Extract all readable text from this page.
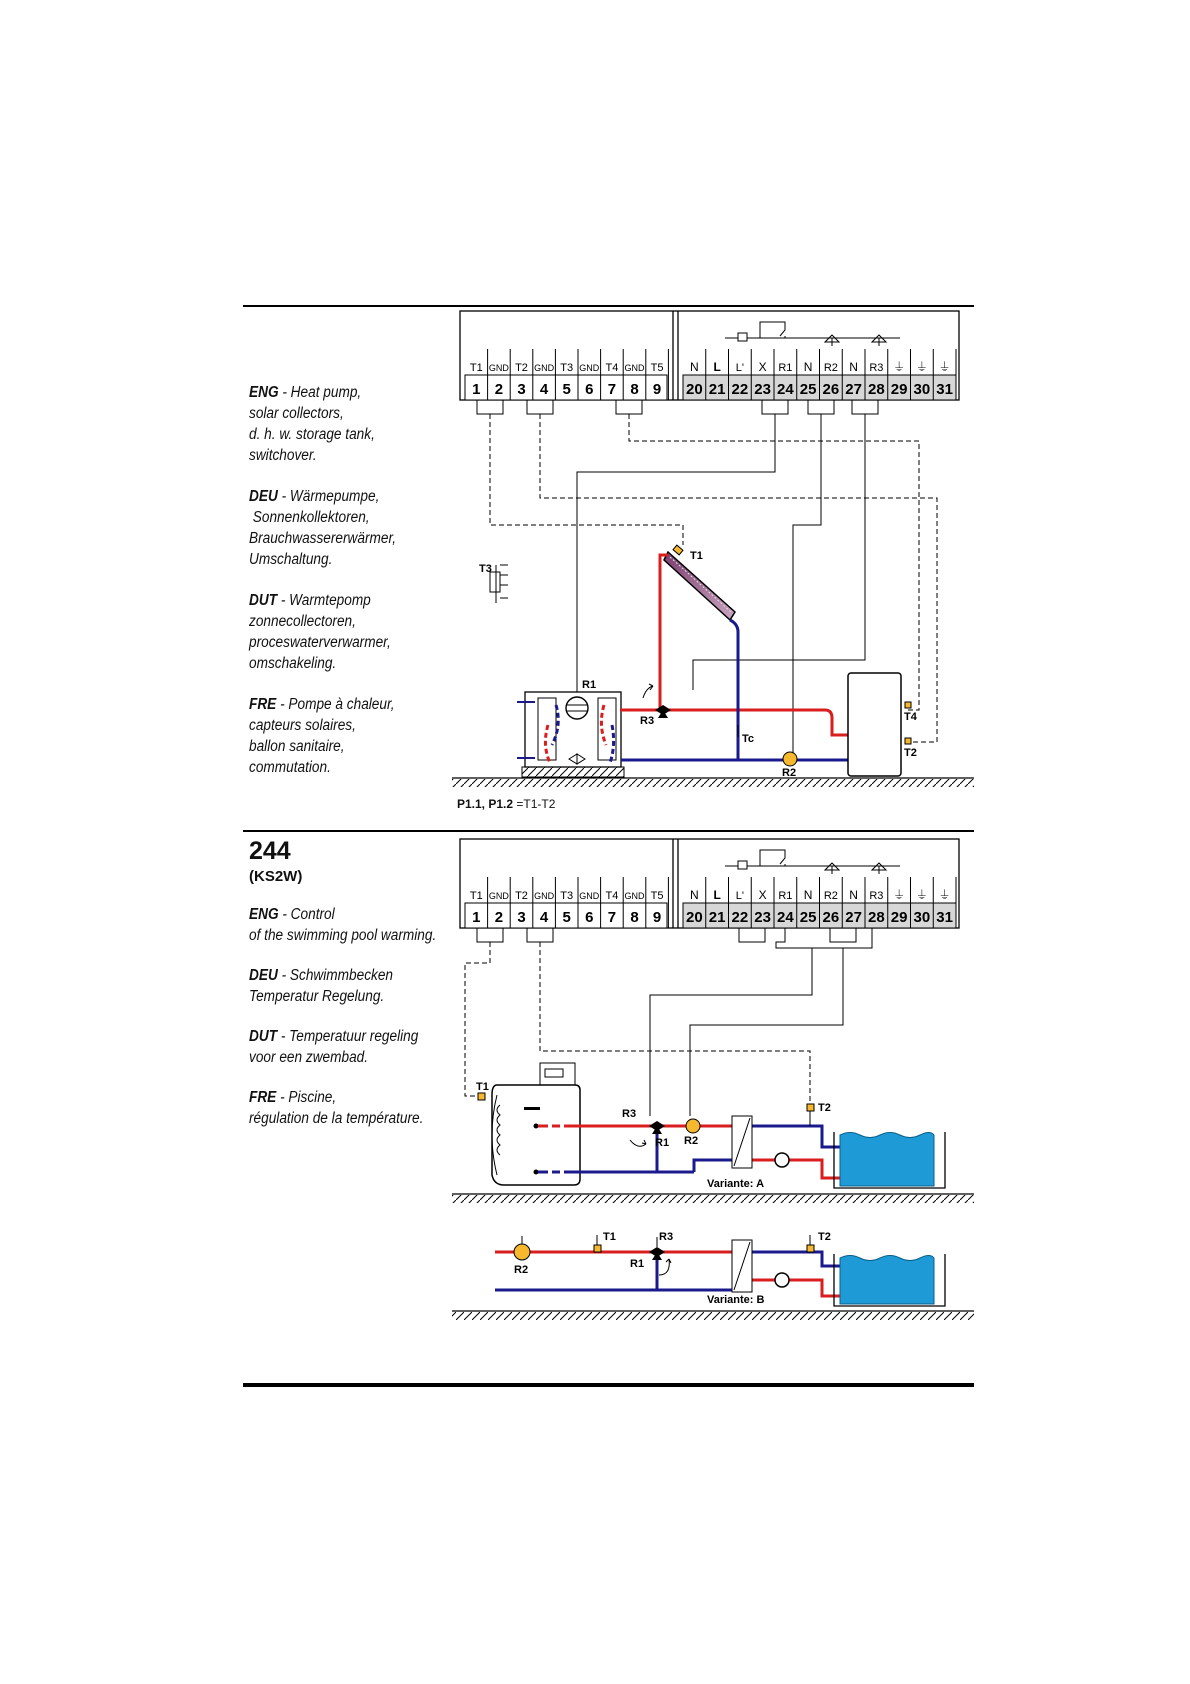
ENG - Heat pump,
solar collectors,
d. h. w. storage tank,
switchover.
DEU - Wärmepumpe,
Sonnenkollektoren,
Brauchwassererwärmer,
Umschaltung.
DUT - Warmtepomp
zonnecollectoren,
proceswaterverwarmer,
omschakeling.
FRE - Pompe à chaleur,
capteurs solaires,
ballon sanitaire,
commutation.
P1.1, P1.2 =T1-T2
244
(KS2W)
ENG - Control
of the swimming pool warming.
DEU - Schwimmbecken
Temperatur Regelung.
DUT - Temperatuur regeling
voor een zwembad.
FRE - Piscine,
régulation de la température.
T1
1
GND
2
T2
3
GND
4
T3
5
GND
6
T4
7
GND
8
T5
9
N
20
L
21
L'
22
X
23
R1
24
N
25
R2
26
N
27
R3
28
⏚
29
⏚
30
⏚
31
T1
T3
R1
R3
Tc
R2
T4
T2
T1
1
GND
2
T2
3
GND
4
T3
5
GND
6
T4
7
GND
8
T5
9
N
20
L
21
L'
22
X
23
R1
24
N
25
R2
26
N
27
R3
28
⏚
29
⏚
30
⏚
31
T1
R3
R1 R2
T2
Variante: A
R2
T1	R3
R1
T2
Variante: B
